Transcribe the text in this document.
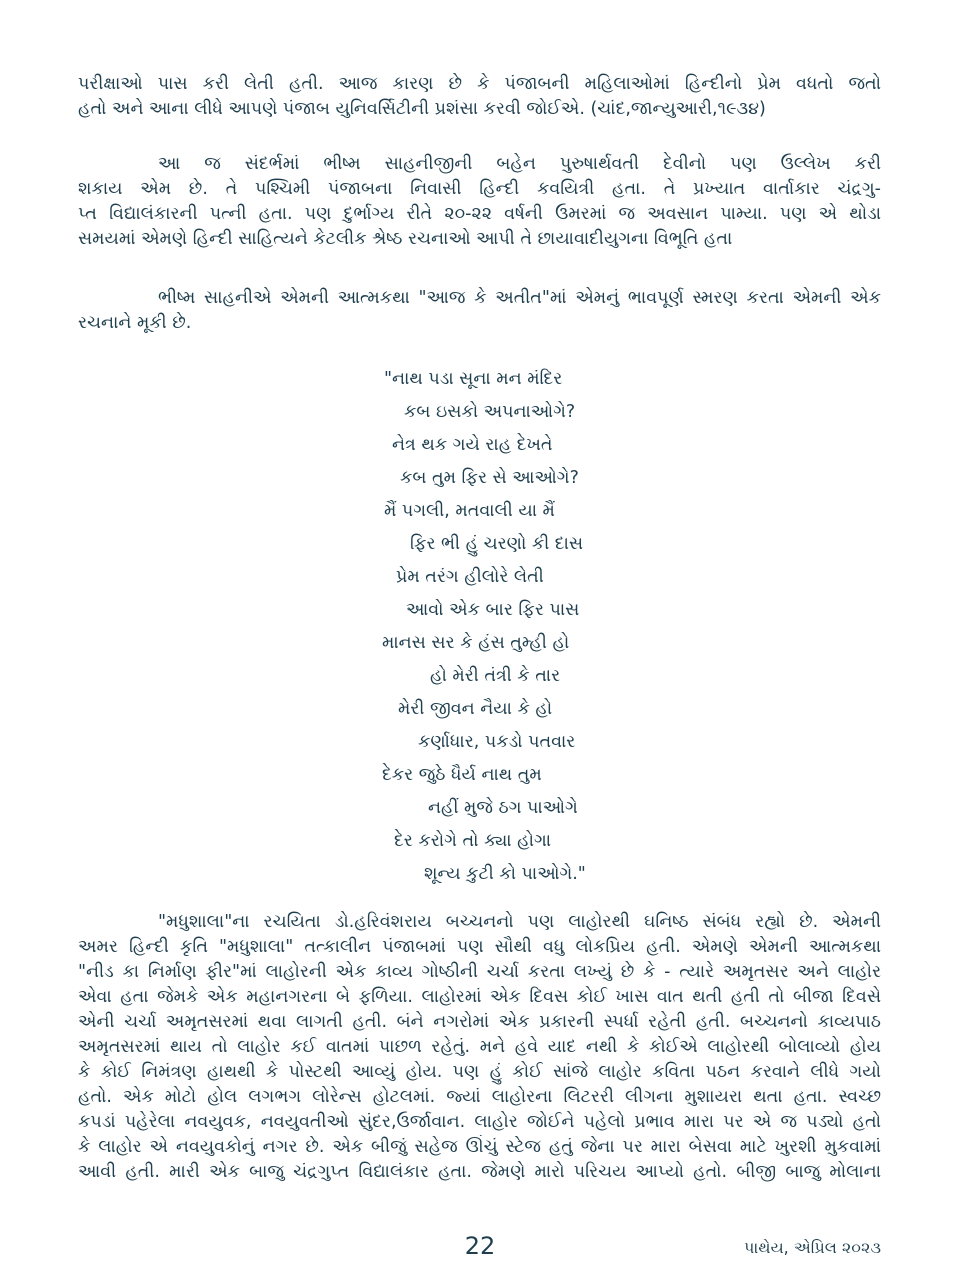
પરીક્ષાઓ પાસ કરી લેતી હતી. આજ કારણ છે કે પંજાબની મહિલાઓમાં હિન્દીનો પ્રેમ વધતો જતો
હતો અને આના લીધે આપણે પંજાબ યુનિવર્સિટીની પ્રશંસા કરવી જોઈએ. (ચાંદ,જાન્યુઆરી,૧૯૩૪)
આ જ સંદર્ભમાં ભીષ્મ સાહનીજીની બહેન પુરુષાર્થવતી દેવીનો પણ ઉલ્લેખ કરી
શકાય એમ છે. તે પશ્ચિમી પંજાબના નિવાસી હિન્દી કવયિત્રી હતા. તે પ્રખ્યાત વાર્તાકાર ચંદ્રગુ-
પ્ત વિદ્યાલંકારની પત્ની હતા. પણ દુર્ભાગ્ય રીતે ૨૦-૨૨ વર્ષની ઉંમરમાં જ અવસાન પામ્યા. પણ એ થોડા
સમયમાં એમણે હિન્દી સાહિત્યને કેટલીક શ્રેષ્ઠ રચનાઓ આપી તે છાયાવાદીયુગના વિભૂતિ હતા
ભીષ્મ સાહનીએ એમની આત્મકથા "આજ કે અતીત"માં એમનું ભાવપૂર્ણ સ્મરણ કરતા એમની એક
રચનાને મૂકી છે.
"નાથ પડા સૂના મન મંદિર
કબ ઇસકો અપનાઓગે?
નેત્ર થક ગયે રાહ દેખતે
કબ તુમ ફિર સે આઓગે?
મૈં પગલી, મતવાલી યા મૈં
ફિર ભી હું ચરણો કી દાસ
પ્રેમ તરંગ હીલોરે લેતી
આવો એક બાર ફિર પાસ
માનસ સર કે હંસ તુમ્હી હો
હો મેરી તંત્રી કે તાર
મેરી જીવન નૈયા કે હો
કર્ણાધાર, પકડો પતવાર
દેકર જુઠે ધૈર્ય નાથ તુમ
નહીં મુજે ઠગ પાઓગે
દેર કરોગે તો ક્યા હોગા
શૂન્ય કુટી કો પાઓગે."
"મધુશાલા"ના રચયિતા ડો.હરિવંશરાય બચ્ચનનો પણ લાહોરથી ઘનિષ્ઠ સંબંધ રહ્યો છે. એમની
અમર હિન્દી કૃતિ "મધુશાલા" તત્કાલીન પંજાબમાં પણ સૌથી વધુ લોકપ્રિય હતી. એમણે એમની આત્મકથા
"નીડ કા નિર્માણ ફીર"માં લાહોરની એક કાવ્ય ગોષ્ઠીની ચર્ચા કરતા લખ્યું છે કે - ત્યારે અમૃતસર અને લાહોર
એવા હતા જેમકે એક મહાનગરના બે ફળિયા. લાહોરમાં એક દિવસ કોઈ ખાસ વાત થતી હતી તો બીજા દિવસે
એની ચર્ચા અમૃતસરમાં થવા લાગતી હતી. બંને નગરોમાં એક પ્રકારની સ્પર્ધા રહેતી હતી. બચ્ચનનો કાવ્યપાઠ
અમૃતસરમાં થાય તો લાહોર કઈ વાતમાં પાછળ રહેતું. મને હવે યાદ નથી કે કોઈએ લાહોરથી બોલાવ્યો હોય
કે કોઈ નિમંત્રણ હાથથી કે પોસ્ટથી આવ્યું હોય. પણ હું કોઈ સાંજે લાહોર કવિતા પઠન કરવાને લીધે ગયો
હતો. એક મોટો હોલ લગભગ લોરેન્સ હોટલમાં. જ્યાં લાહોરના લિટરરી લીગના મુશાયરા થતા હતા. સ્વચ્છ
કપડાં પહેરેલા નવયુવક, નવયુવતીઓ સુંદર,ઉર્જાવાન. લાહોર જોઈને પહેલો પ્રભાવ મારા પર એ જ પડ્યો હતો
કે લાહોર એ નવયુવકોનું નગર છે. એક બીજું સહેજ ઊંચું સ્ટેજ હતું જેના પર મારા બેસવા માટે ખુરશી મુકવામાં
આવી હતી. મારી એક બાજુ ચંદ્રગુપ્ત વિદ્યાલંકાર હતા. જેમણે મારો પરિચય આપ્યો હતો. બીજી બાજુ મોલાના
22	પાથેય, એપ્રિલ ૨૦૨૩
